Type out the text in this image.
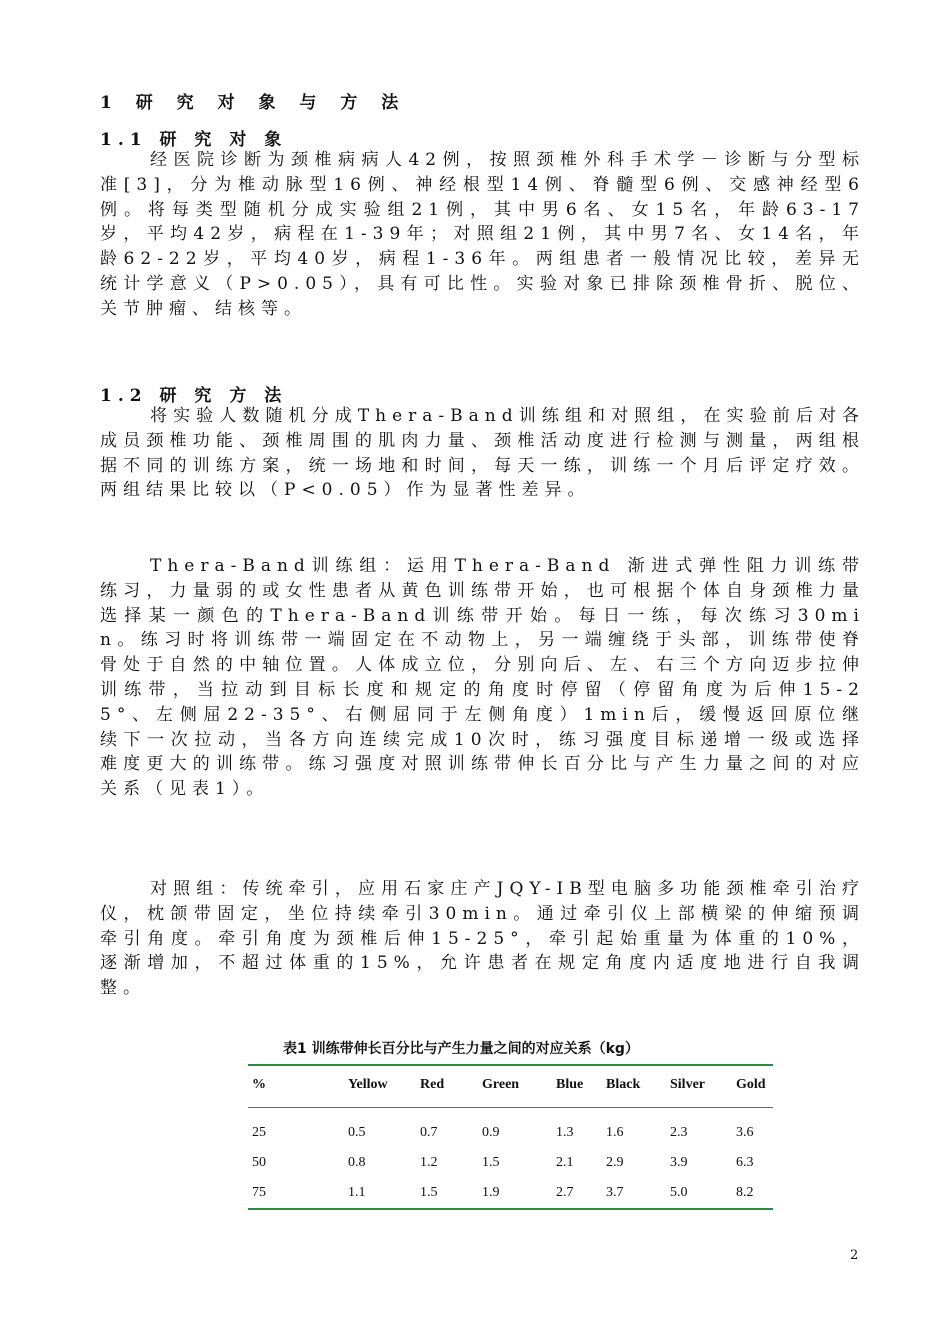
1 研 究 对 象 与 方 法
1.1 研 究 对 象
经医院诊断为颈椎病病人42例，按照颈椎外科手术学－诊断与分型标准[3]，分为椎动脉型16例、神经根型14例、脊髓型6例、交感神经型6例。将每类型随机分成实验组21例，其中男6名、女15名，年龄63-17岁，平均42岁，病程在1-39年；对照组21例，其中男7名、女14名，年龄62-22岁，平均40岁，病程1-36年。两组患者一般情况比较，差异无统计学意义（P>0.05），具有可比性。实验对象已排除颈椎骨折、脱位、关节肿瘤、结核等。
1.2 研 究 方 法
将实验人数随机分成Thera-Band训练组和对照组，在实验前后对各成员颈椎功能、颈椎周围的肌肉力量、颈椎活动度进行检测与测量，两组根据不同的训练方案，统一场地和时间，每天一练，训练一个月后评定疗效。两组结果比较以（P<0.05）作为显著性差异。
Thera-Band训练组：运用Thera-Band 渐进式弹性阻力训练带练习，力量弱的或女性患者从黄色训练带开始，也可根据个体自身颈椎力量选择某一颜色的Thera-Band训练带开始。每日一练，每次练习30min。练习时将训练带一端固定在不动物上，另一端缠绕于头部，训练带使脊骨处于自然的中轴位置。人体成立位，分别向后、左、右三个方向迈步拉伸训练带，当拉动到目标长度和规定的角度时停留（停留角度为后伸15-25°、左侧屈22-35°、右侧屈同于左侧角度）1min后，缓慢返回原位继续下一次拉动，当各方向连续完成10次时，练习强度目标递增一级或选择难度更大的训练带。练习强度对照训练带伸长百分比与产生力量之间的对应关系（见表1）。
对照组：传统牵引，应用石家庄产JQY-IB型电脑多功能颈椎牵引治疗仪，枕颌带固定，坐位持续牵引30min。通过牵引仪上部横梁的伸缩预调牵引角度。牵引角度为颈椎后伸15-25°，牵引起始重量为体重的10%，逐渐增加，不超过体重的15%，允许患者在规定角度内适度地进行自我调整。
表1 训练带伸长百分比与产生力量之间的对应关系（kg）
%	Yellow	Red	Green	Blue	Black	Silver	Gold
25	0.5	0.7	0.9	1.3	1.6	2.3	3.6
50	0.8	1.2	1.5	2.1	2.9	3.9	6.3
75	1.1	1.5	1.9	2.7	3.7	5.0	8.2
2
